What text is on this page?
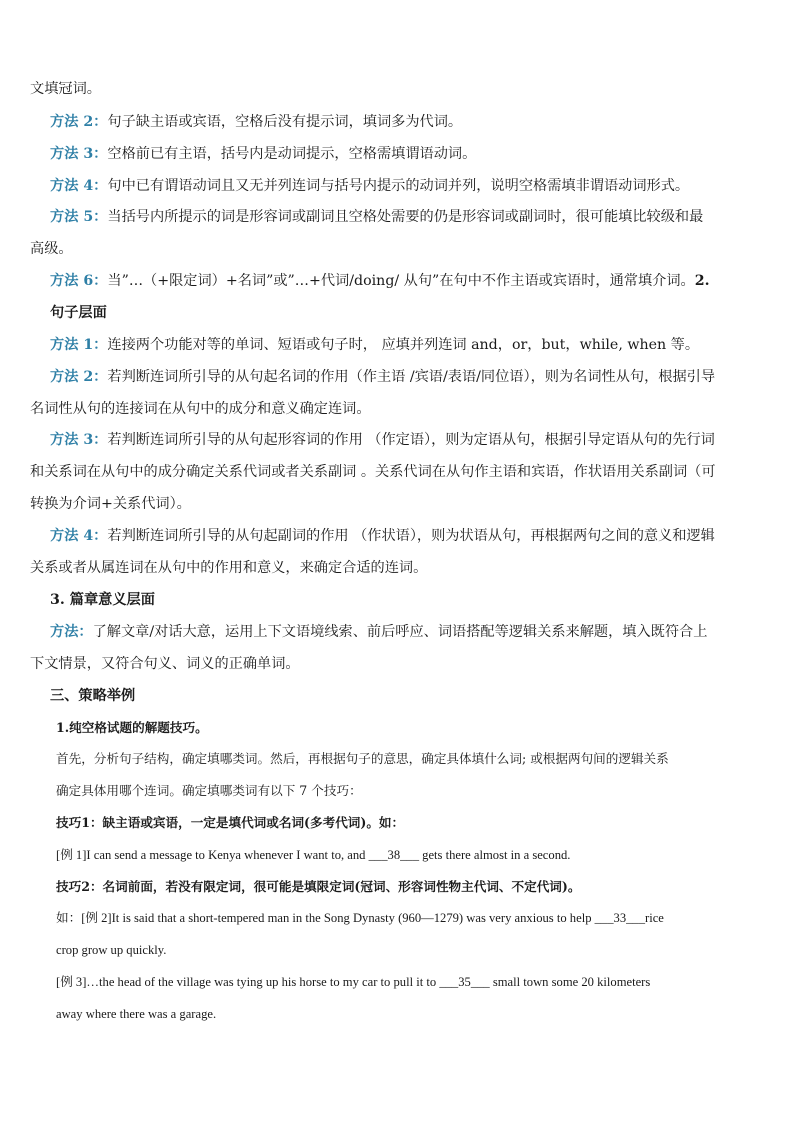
文填冠词。
方法 2：句子缺主语或宾语，空格后没有提示词，填词多为代词。
方法 3：空格前已有主语，括号内是动词提示，空格需填谓语动词。
方法 4：句中已有谓语动词且又无并列连词与括号内提示的动词并列，说明空格需填非谓语动词形式。
方法 5：当括号内所提示的词是形容词或副词且空格处需要的仍是形容词或副词时，很可能填比较级和最
高级。
方法 6：当”…（+限定词）+名词”或”…+代词/doing/ 从句”在句中不作主语或宾语时，通常填介词。2.
句子层面
方法 1：连接两个功能对等的单词、短语或句子时， 应填并列连词 and，or，but，while, when 等。
方法 2：若判断连词所引导的从句起名词的作用（作主语 /宾语/表语/同位语），则为名词性从句，根据引导
名词性从句的连接词在从句中的成分和意义确定连词。
方法 3：若判断连词所引导的从句起形容词的作用 （作定语），则为定语从句，根据引导定语从句的先行词
和关系词在从句中的成分确定关系代词或者关系副词 。关系代词在从句作主语和宾语，作状语用关系副词（可
转换为介词+关系代词）。
方法 4：若判断连词所引导的从句起副词的作用 （作状语），则为状语从句，再根据两句之间的意义和逻辑
关系或者从属连词在从句中的作用和意义，来确定合适的连词。
3. 篇章意义层面
方法：了解文章/对话大意，运用上下文语境线索、前后呼应、词语搭配等逻辑关系来解题，填入既符合上
下文情景，又符合句义、词义的正确单词。
三、策略举例
1.纯空格试题的解题技巧。
首先，分析句子结构，确定填哪类词。然后，再根据句子的意思，确定具体填什么词; 或根据两句间的逻辑关系
确定具体用哪个连词。确定填哪类词有以下 7 个技巧：
技巧1：缺主语或宾语，一定是填代词或名词(多考代词)。如：
[例 1]I can send a message to Kenya whenever I want to, and ___38___ gets there almost in a second.
技巧2：名词前面，若没有限定词，很可能是填限定词(冠词、形容词性物主代词、不定代词)。
如：[例 2]It is said that a short-tempered man in the Song Dynasty (960—1279) was very anxious to help ___33___rice
crop grow up quickly.
[例 3]…the head of the village was tying up his horse to my car to pull it to ___35___ small town some 20 kilometers
away where there was a garage.
